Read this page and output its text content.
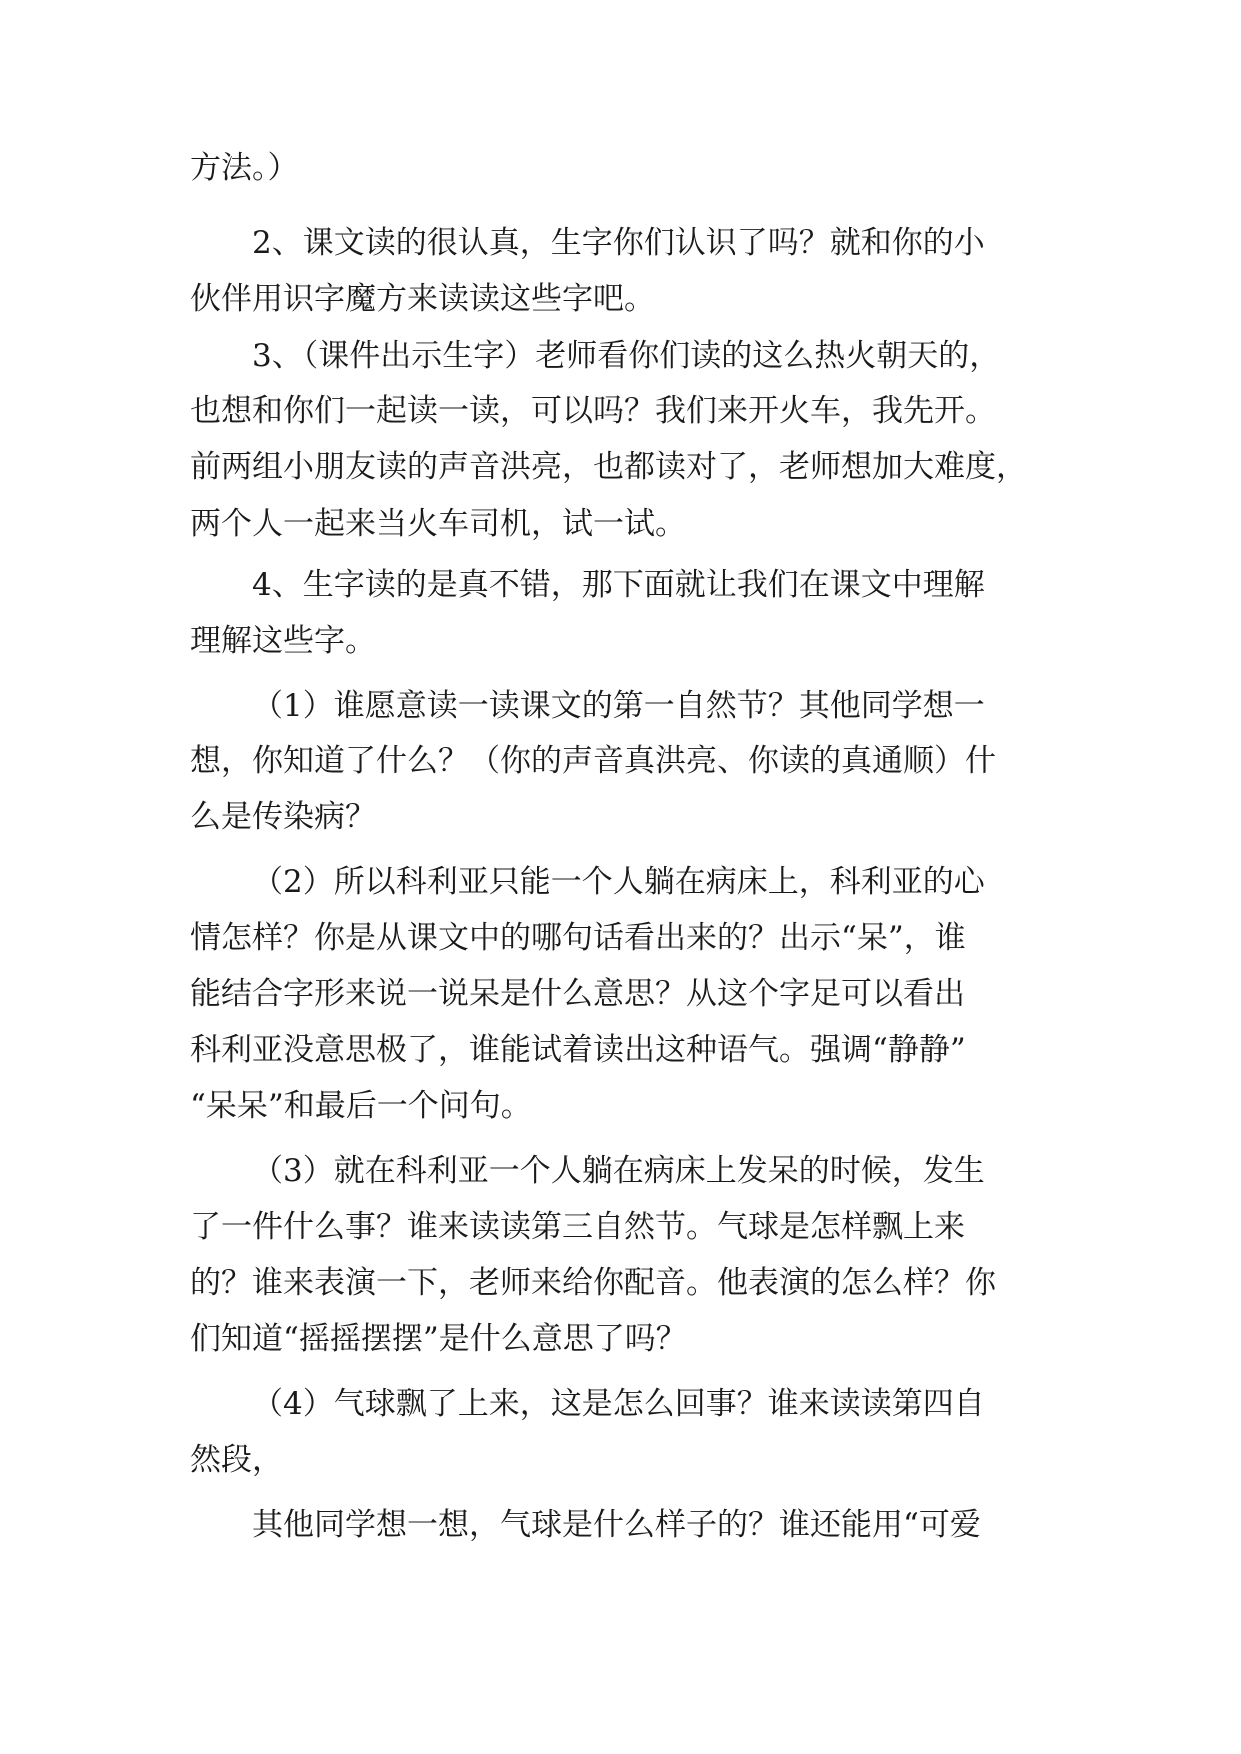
方法。）
2、课文读的很认真，生字你们认识了吗？就和你的小
伙伴用识字魔方来读读这些字吧。
3、（课件出示生字）老师看你们读的这么热火朝天的，
也想和你们一起读一读，可以吗？我们来开火车，我先开。
前两组小朋友读的声音洪亮，也都读对了，老师想加大难度，
两个人一起来当火车司机，试一试。
4、生字读的是真不错，那下面就让我们在课文中理解
理解这些字。
（1）谁愿意读一读课文的第一自然节？其他同学想一
想，你知道了什么？（你的声音真洪亮、你读的真通顺）什
么是传染病？
（2）所以科利亚只能一个人躺在病床上，科利亚的心
情怎样？你是从课文中的哪句话看出来的？出示“呆”，谁
能结合字形来说一说呆是什么意思？从这个字足可以看出
科利亚没意思极了，谁能试着读出这种语气。强调“静静”
“呆呆”和最后一个问句。
（3）就在科利亚一个人躺在病床上发呆的时候，发生
了一件什么事？谁来读读第三自然节。气球是怎样飘上来
的？谁来表演一下，老师来给你配音。他表演的怎么样？你
们知道“摇摇摆摆”是什么意思了吗？
（4）气球飘了上来，这是怎么回事？谁来读读第四自
然段，
其他同学想一想，气球是什么样子的？谁还能用“可爱
